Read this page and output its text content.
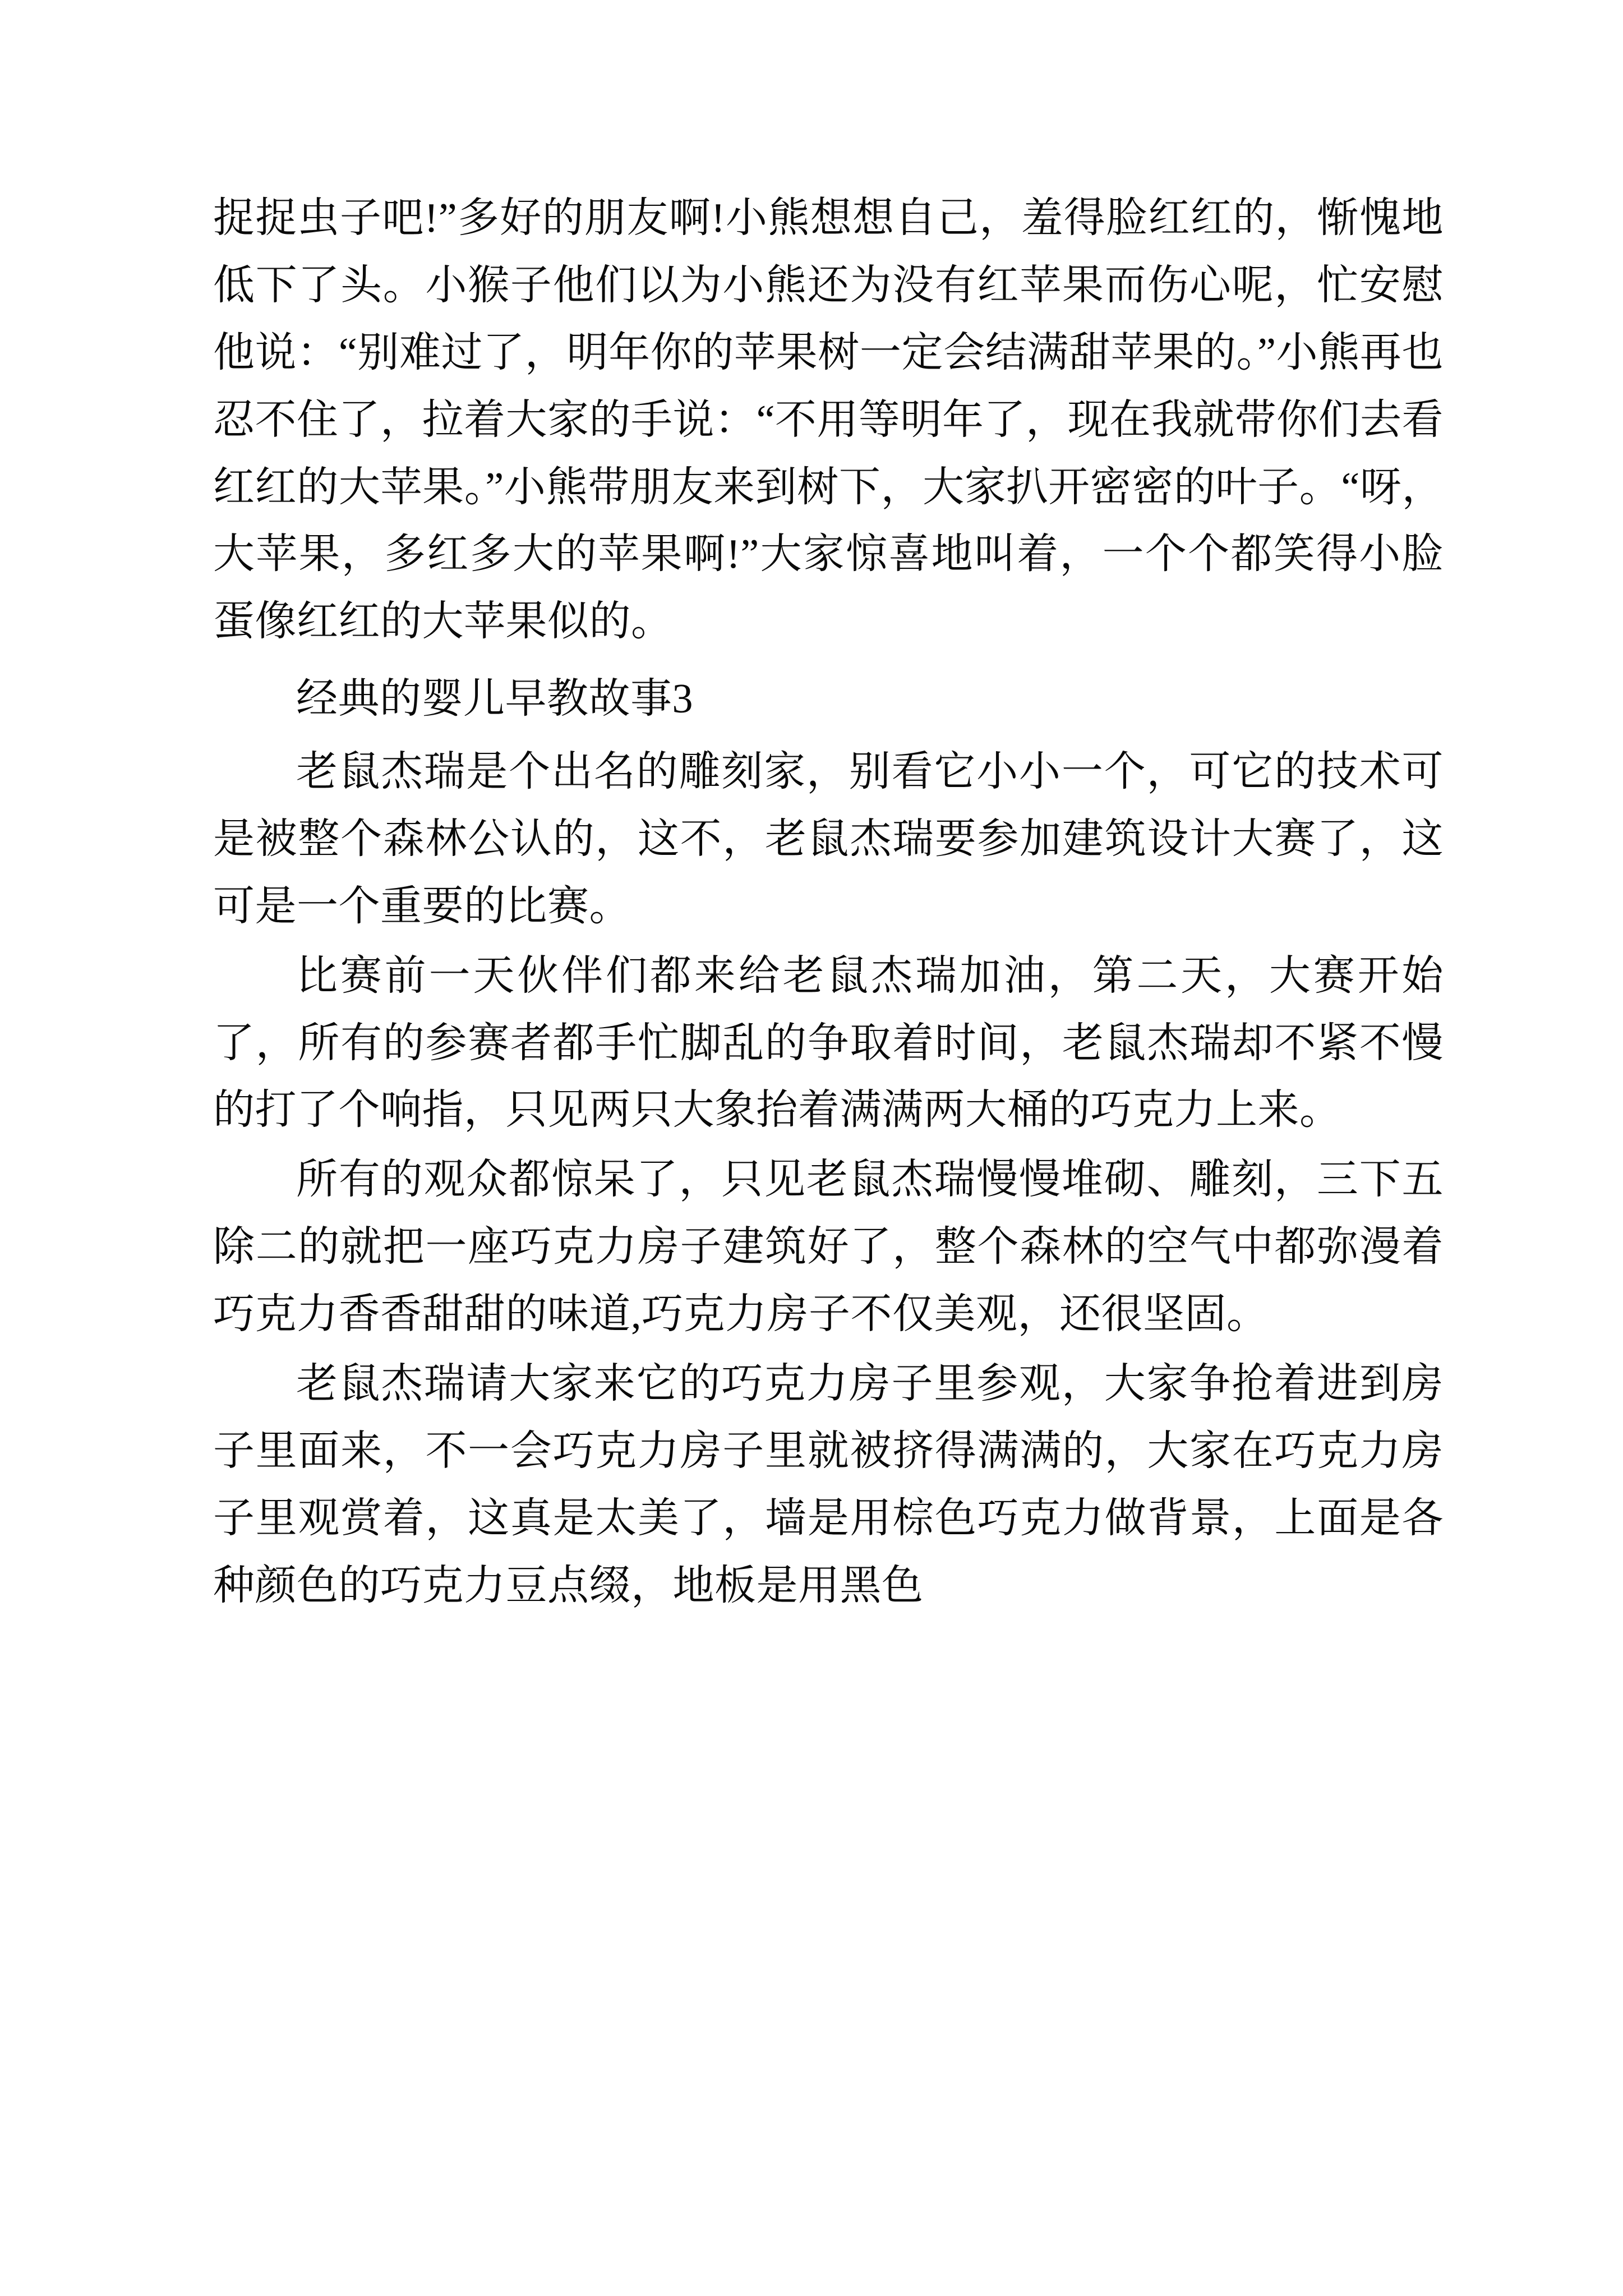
捉捉虫子吧!”多好的朋友啊!小熊想想自己，羞得脸红红的，惭愧地低下了头。小猴子他们以为小熊还为没有红苹果而伤心呢，忙安慰他说：“别难过了，明年你的苹果树一定会结满甜苹果的。”小熊再也忍不住了，拉着大家的手说：“不用等明年了，现在我就带你们去看红红的大苹果。”小熊带朋友来到树下，大家扒开密密的叶子。“呀，大苹果，多红多大的苹果啊!”大家惊喜地叫着，一个个都笑得小脸蛋像红红的大苹果似的。

经典的婴儿早教故事3

老鼠杰瑞是个出名的雕刻家，别看它小小一个，可它的技术可是被整个森林公认的，这不，老鼠杰瑞要参加建筑设计大赛了，这可是一个重要的比赛。

比赛前一天伙伴们都来给老鼠杰瑞加油，第二天，大赛开始了，所有的参赛者都手忙脚乱的争取着时间，老鼠杰瑞却不紧不慢的打了个响指，只见两只大象抬着满满两大桶的巧克力上来。

所有的观众都惊呆了，只见老鼠杰瑞慢慢堆砌、雕刻，三下五除二的就把一座巧克力房子建筑好了，整个森林的空气中都弥漫着巧克力香香甜甜的味道,巧克力房子不仅美观，还很坚固。

老鼠杰瑞请大家来它的巧克力房子里参观，大家争抢着进到房子里面来，不一会巧克力房子里就被挤得满满的，大家在巧克力房子里观赏着，这真是太美了，墙是用棕色巧克力做背景，上面是各种颜色的巧克力豆点缀，地板是用黑色
